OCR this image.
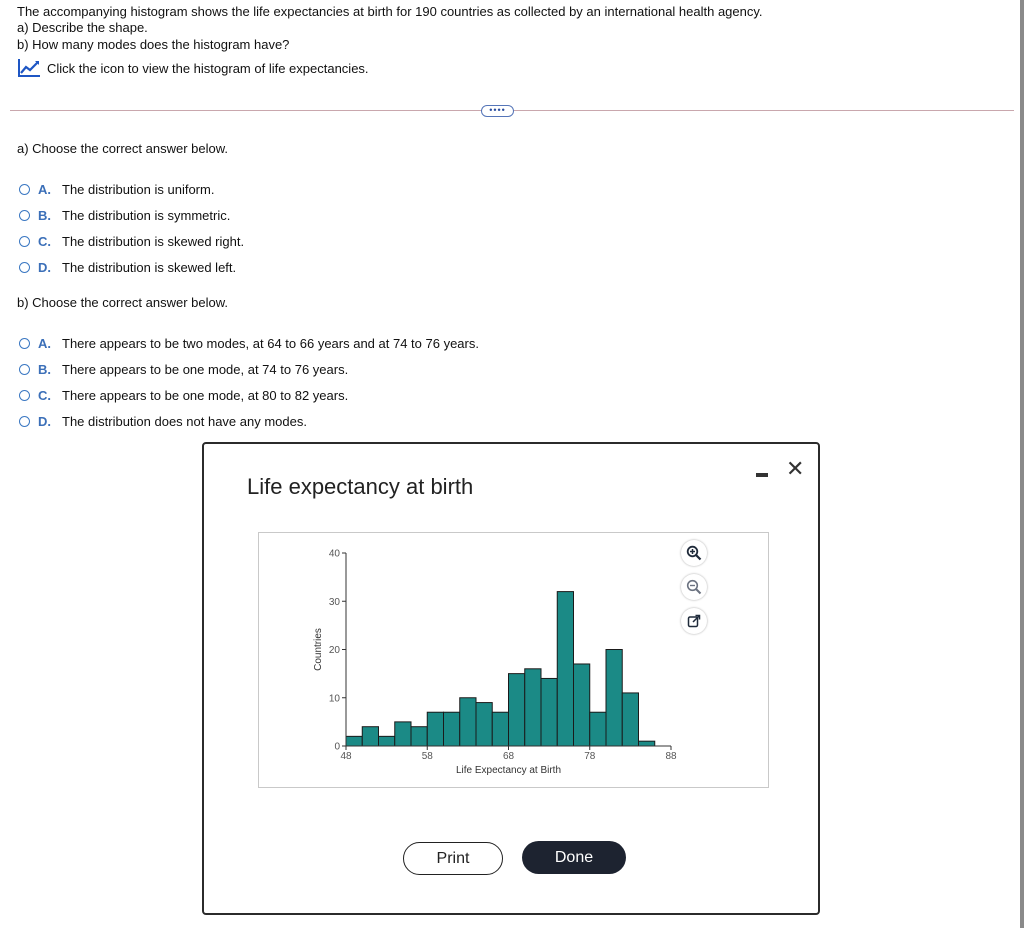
The accompanying histogram shows the life expectancies at birth for 190 countries as collected by an international health agency.
a) Describe the shape.
b) How many modes does the histogram have?
Click the icon to view the histogram of life expectancies.
••••
a) Choose the correct answer below.
A. The distribution is uniform.
B. The distribution is symmetric.
C. The distribution is skewed right.
D. The distribution is skewed left.
b) Choose the correct answer below.
A. There appears to be two modes, at 64 to 66 years and at 74 to 76 years.
B. There appears to be one mode, at 74 to 76 years.
C. There appears to be one mode, at 80 to 82 years.
D. The distribution does not have any modes.
Life expectancy at birth
✕
0
10
20
30
40
48	58	68	78	88
Life Expectancy at Birth
Countries
Print	Done
